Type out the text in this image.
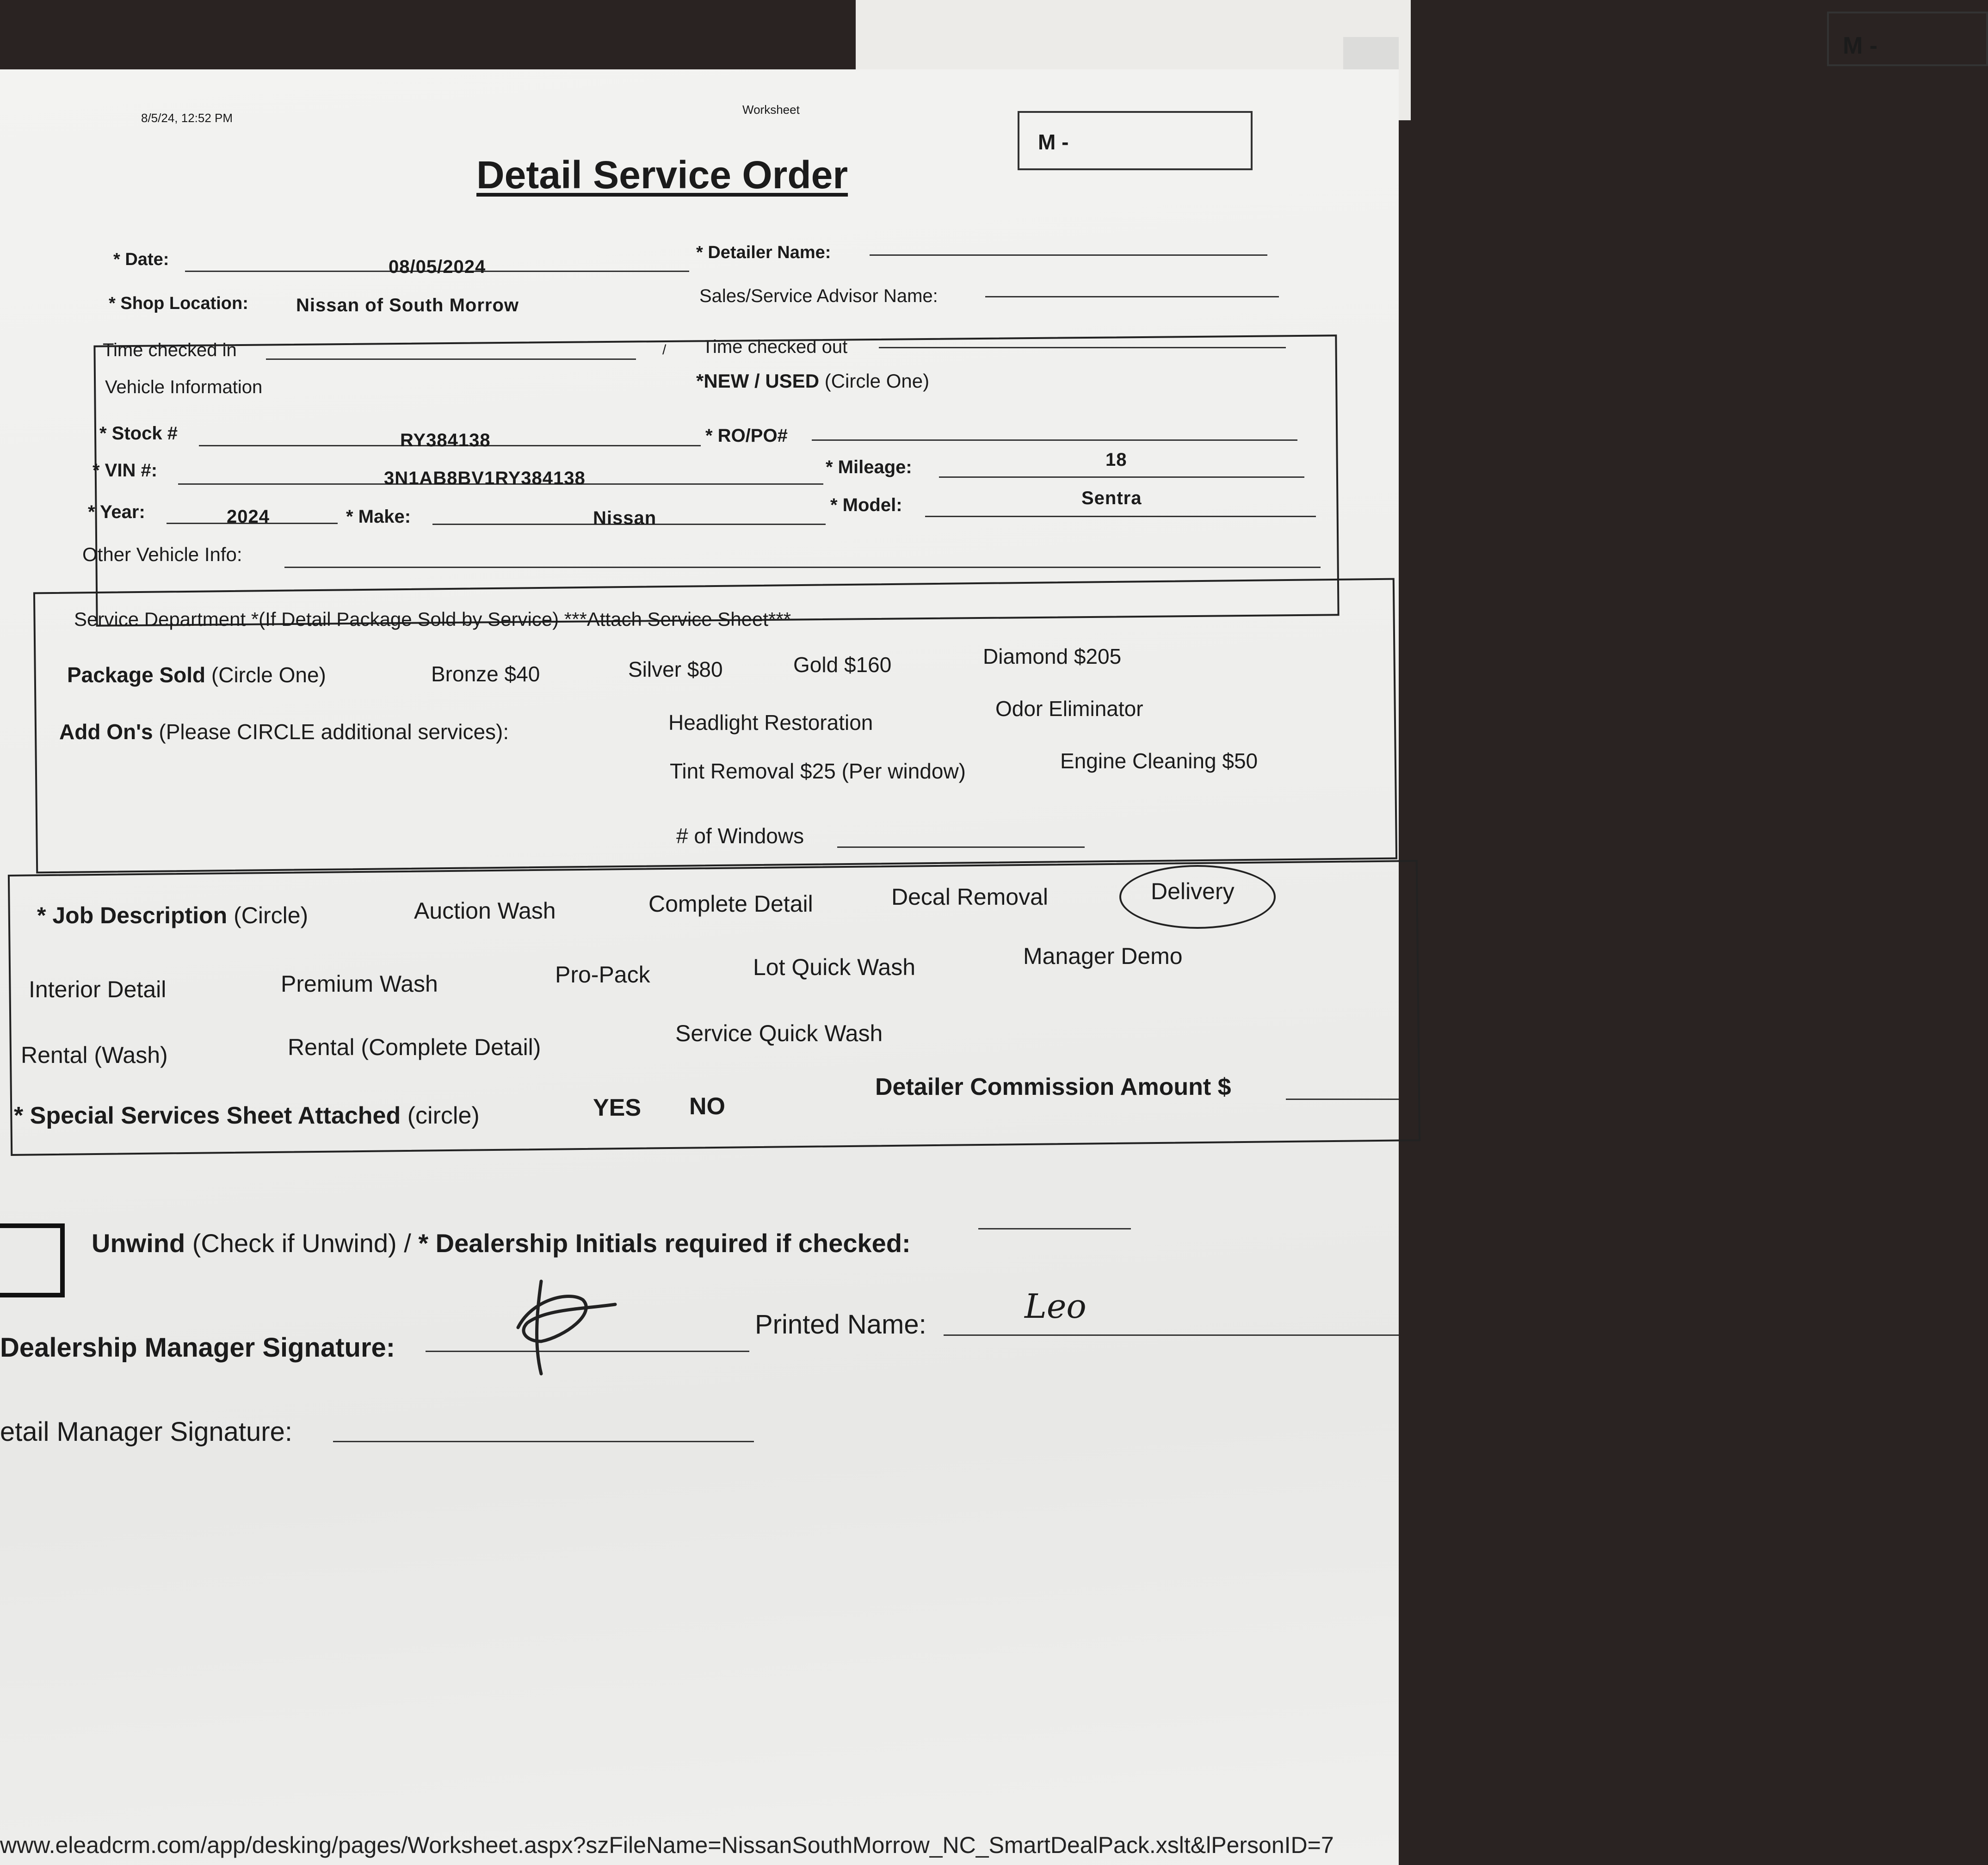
M -
8/5/24, 12:52 PM
Worksheet
Detail Service Order
M -
* Date:	08/05/2024
* Detailer Name:
* Shop Location:	Nissan of South Morrow	Sales/Service Advisor Name:
Time checked in	/ Time checked out
Vehicle Information	*NEW / USED (Circle One)
* Stock #	RY384138	* RO/PO#
* VIN #:	3N1AB8BV1RY384138
* Mileage:	18
* Year:	2024	* Make:	Nissan
* Model:	Sentra
Other Vehicle Info:
Service Department *(If Detail Package Sold by Service) ***Attach Service Sheet***
Package Sold (Circle One)	Bronze $40	Silver $80	Gold $160	Diamond $205
Add On's (Please CIRCLE additional services):	Headlight Restoration
Odor Eliminator
Tint Removal $25 (Per window)	Engine Cleaning $50
# of Windows
* Job Description (Circle)	Auction Wash	Complete Detail	Decal Removal	Delivery
Interior Detail	Premium Wash	Pro-Pack	Lot Quick Wash	Manager Demo
Rental (Wash)	Rental (Complete Detail)
Service Quick Wash
* Special Services Sheet Attached (circle)	YES NO
Detailer Commission Amount $
Unwind (Check if Unwind) / * Dealership Initials required if checked:
Dealership Manager Signature:
Printed Name:	Leo
etail Manager Signature:
www.eleadcrm.com/app/desking/pages/Worksheet.aspx?szFileName=NissanSouthMorrow_NC_SmartDealPack.xslt&lPersonID=7
